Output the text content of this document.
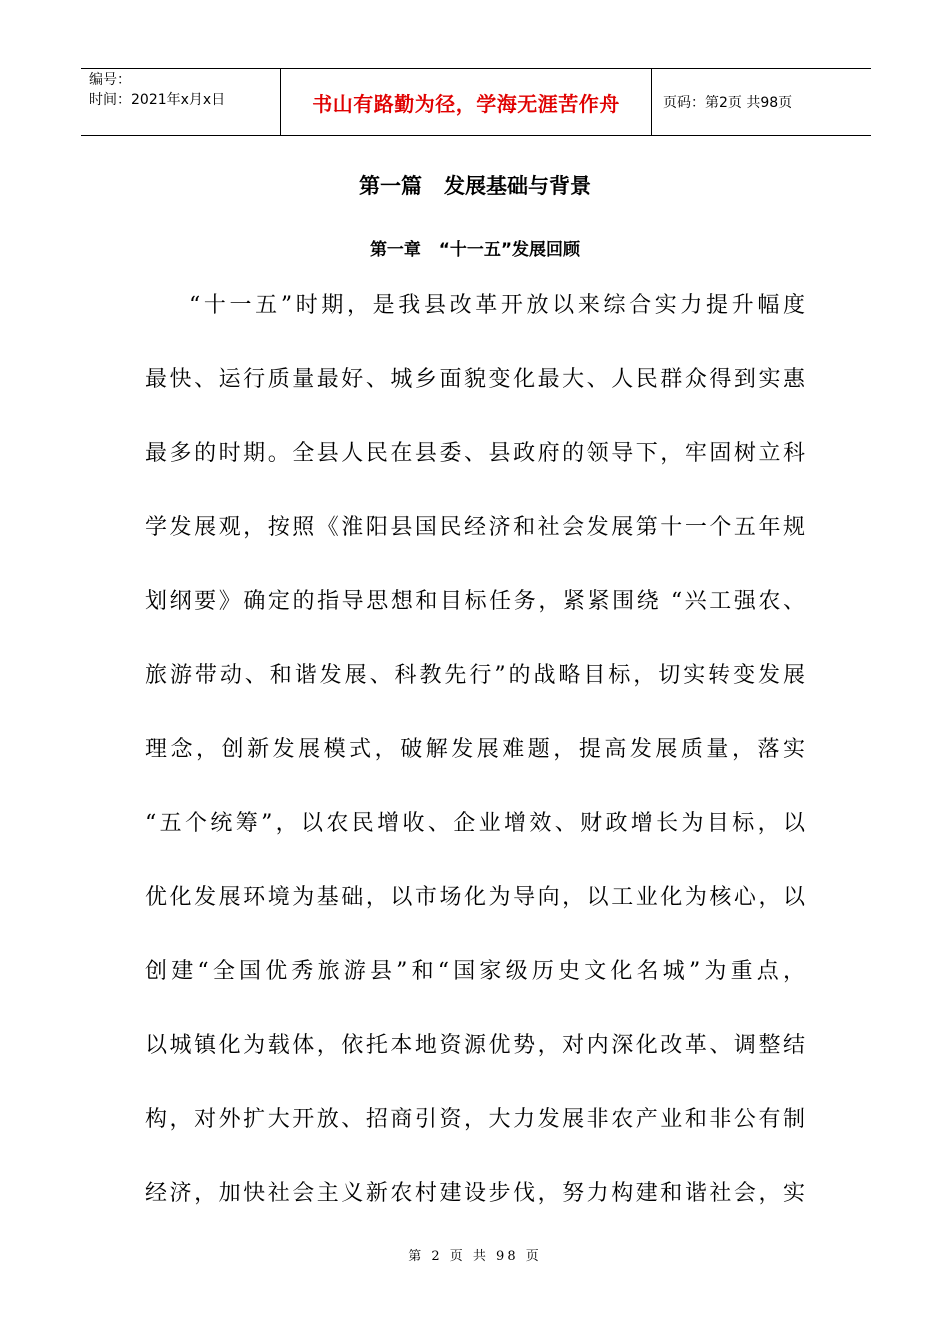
编号：
时间：2021年x月x日	书山有路勤为径，学海无涯苦作舟	页码：第2页 共98页
第一篇   发展基础与背景
第一章   “十一五”发展回顾
“十一五”时期，是我县改革开放以来综合实力提升幅度
最快、运行质量最好、城乡面貌变化最大、人民群众得到实惠
最多的时期。全县人民在县委、县政府的领导下，牢固树立科
学发展观，按照《淮阳县国民经济和社会发展第十一个五年规
划纲要》确定的指导思想和目标任务，紧紧围绕 “兴工强农、
旅游带动、和谐发展、科教先行”的战略目标，切实转变发展
理念，创新发展模式，破解发展难题，提高发展质量，落实
“五个统筹”，以农民增收、企业增效、财政增长为目标，以
优化发展环境为基础，以市场化为导向，以工业化为核心，以
创建“全国优秀旅游县”和“国家级历史文化名城”为重点，
以城镇化为载体，依托本地资源优势，对内深化改革、调整结
构，对外扩大开放、招商引资，大力发展非农产业和非公有制
经济，加快社会主义新农村建设步伐，努力构建和谐社会，实
第 2 页 共 98 页
